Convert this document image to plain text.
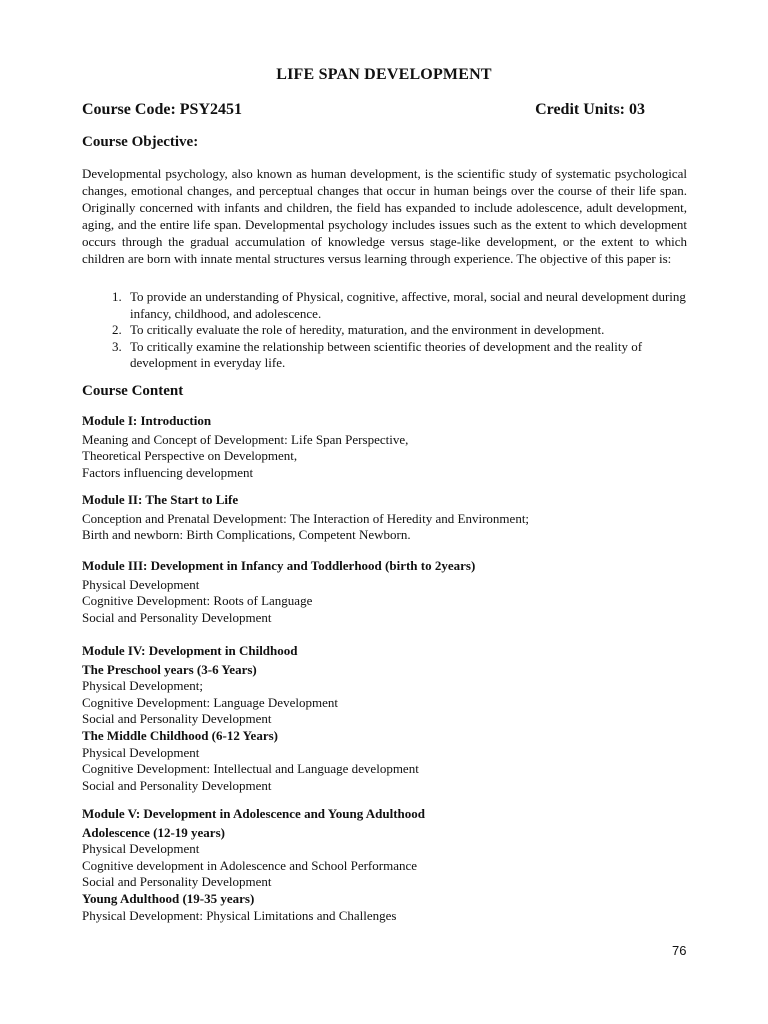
LIFE SPAN DEVELOPMENT
Course Code: PSY2451	Credit Units: 03
Course Objective:
Developmental psychology, also known as human development, is the scientific study of systematic psychological changes, emotional changes, and perceptual changes that occur in human beings over the course of their life span. Originally concerned with infants and children, the field has expanded to include adolescence, adult development, aging, and the entire life span. Developmental psychology includes issues such as the extent to which development occurs through the gradual accumulation of knowledge versus stage-like development, or the extent to which children are born with innate mental structures versus learning through experience. The objective of this paper is:
1. To provide an understanding of Physical, cognitive, affective, moral, social and neural development during infancy, childhood, and adolescence.
2. To critically evaluate the role of heredity, maturation, and the environment in development.
3. To critically examine the relationship between scientific theories of development and the reality of development in everyday life.
Course Content
Module I: Introduction
Meaning and Concept of Development: Life Span Perspective,
Theoretical Perspective on Development,
Factors influencing development
Module II: The Start to Life
Conception and Prenatal Development: The Interaction of Heredity and Environment;
Birth and newborn: Birth Complications, Competent Newborn.
Module III: Development in Infancy and Toddlerhood (birth to 2years)
Physical Development
Cognitive Development: Roots of Language
Social and Personality Development
Module IV: Development in Childhood
The Preschool years (3-6 Years)
Physical Development;
Cognitive Development: Language Development
Social and Personality Development
The Middle Childhood (6-12 Years)
Physical Development
Cognitive Development: Intellectual and Language development
Social and Personality Development
Module V: Development in Adolescence and Young Adulthood
Adolescence (12-19 years)
Physical Development
Cognitive development in Adolescence and School Performance
Social and Personality Development
Young Adulthood (19-35 years)
Physical Development: Physical Limitations and Challenges
76
